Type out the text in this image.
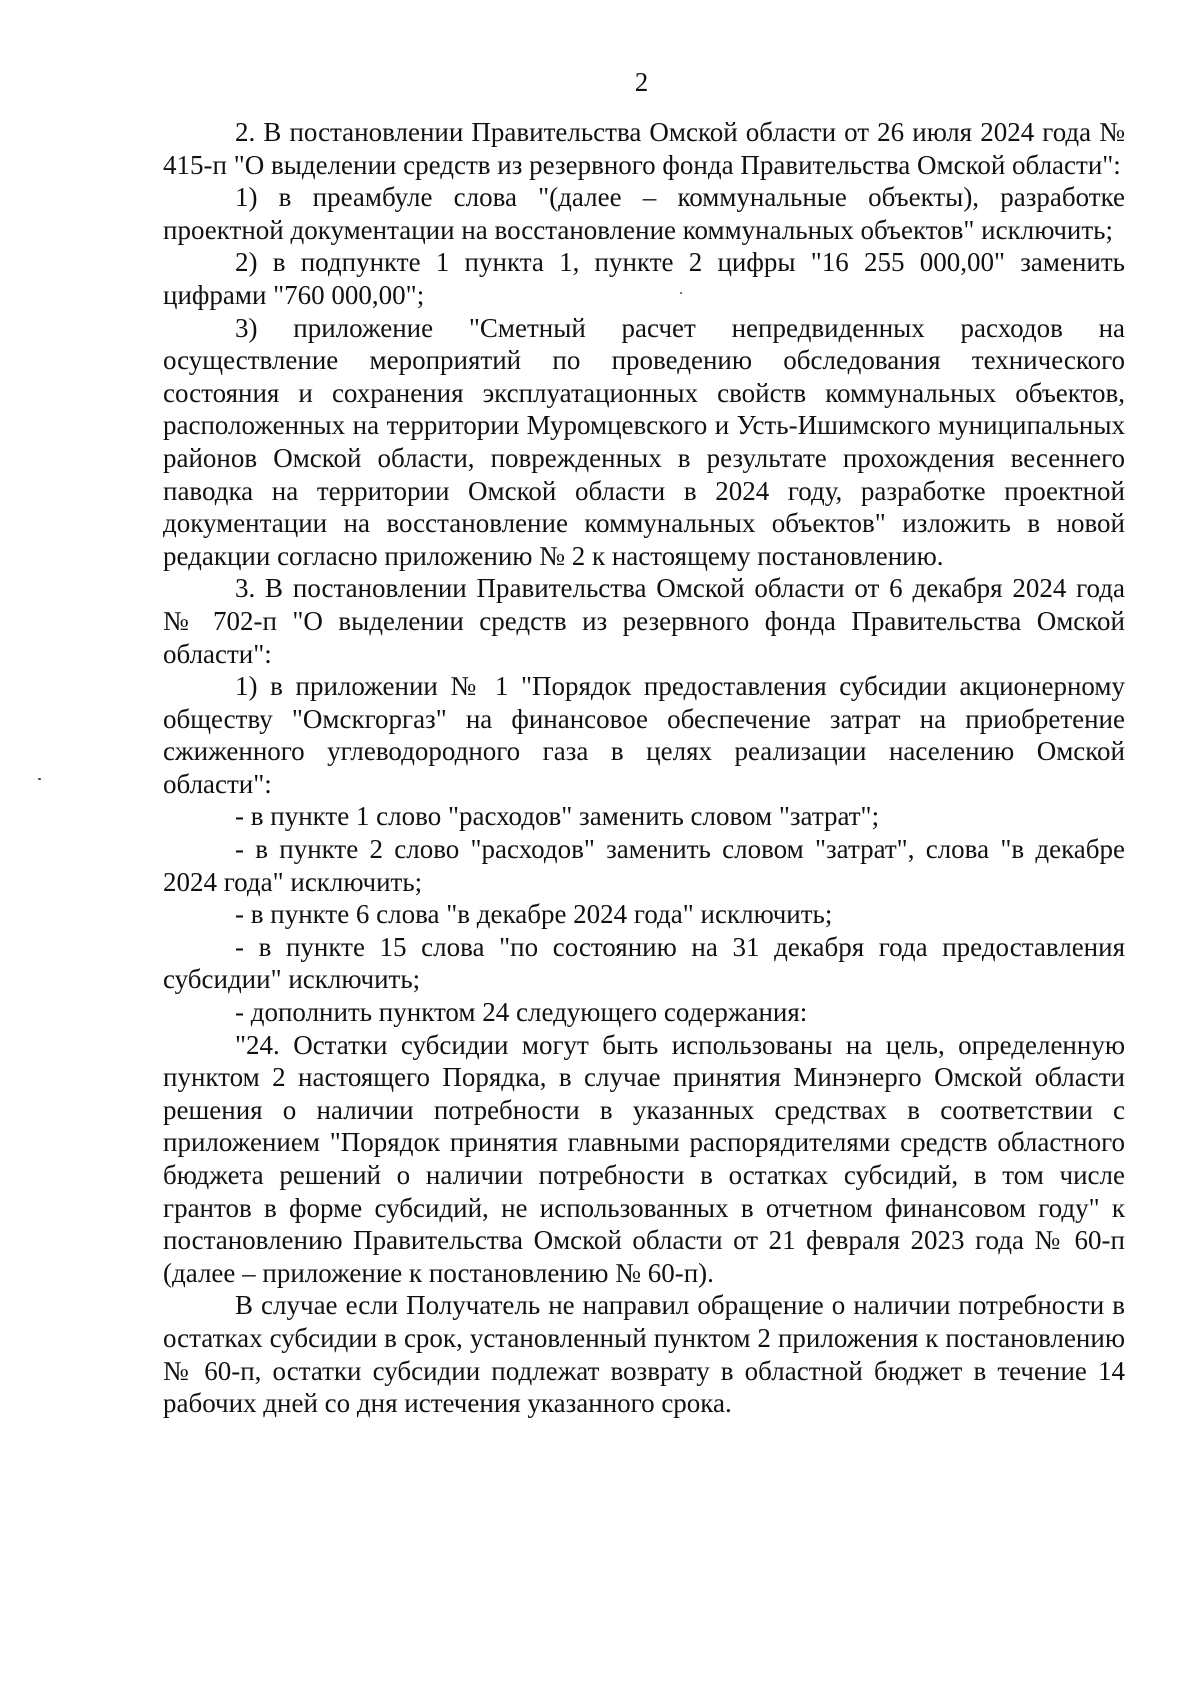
2

2. В постановлении Правительства Омской области от 26 июля 2024 года № 415-п "О выделении средств из резервного фонда Правительства Омской области":

1) в преамбуле слова "(далее – коммунальные объекты), разработке проектной документации на восстановление коммунальных объектов" исключить;

2) в подпункте 1 пункта 1, пункте 2 цифры "16 255 000,00" заменить цифрами "760 000,00";

3) приложение "Сметный расчет непредвиденных расходов на осуществление мероприятий по проведению обследования технического состояния и сохранения эксплуатационных свойств коммунальных объектов, расположенных на территории Муромцевского и Усть-Ишимского муниципальных районов Омской области, поврежденных в результате прохождения весеннего паводка на территории Омской области в 2024 году, разработке проектной документации на восстановление коммунальных объектов" изложить в новой редакции согласно приложению № 2 к настоящему постановлению.

3. В постановлении Правительства Омской области от 6 декабря 2024 года № 702-п "О выделении средств из резервного фонда Правительства Омской области":

1) в приложении № 1 "Порядок предоставления субсидии акционерному обществу "Омскгоргаз" на финансовое обеспечение затрат на приобретение сжиженного углеводородного газа в целях реализации населению Омской области":

- в пункте 1 слово "расходов" заменить словом "затрат";

- в пункте 2 слово "расходов" заменить словом "затрат", слова "в декабре 2024 года" исключить;

- в пункте 6 слова "в декабре 2024 года" исключить;

- в пункте 15 слова "по состоянию на 31 декабря года предоставления субсидии" исключить;

- дополнить пунктом 24 следующего содержания:

"24. Остатки субсидии могут быть использованы на цель, определенную пунктом 2 настоящего Порядка, в случае принятия Минэнерго Омской области решения о наличии потребности в указанных средствах в соответствии с приложением "Порядок принятия главными распорядителями средств областного бюджета решений о наличии потребности в остатках субсидий, в том числе грантов в форме субсидий, не использованных в отчетном финансовом году" к постановлению Правительства Омской области от 21 февраля 2023 года № 60-п (далее – приложение к постановлению № 60-п).

В случае если Получатель не направил обращение о наличии потребности в остатках субсидии в срок, установленный пунктом 2 приложения к постановлению № 60-п, остатки субсидии подлежат возврату в областной бюджет в течение 14 рабочих дней со дня истечения указанного срока.
